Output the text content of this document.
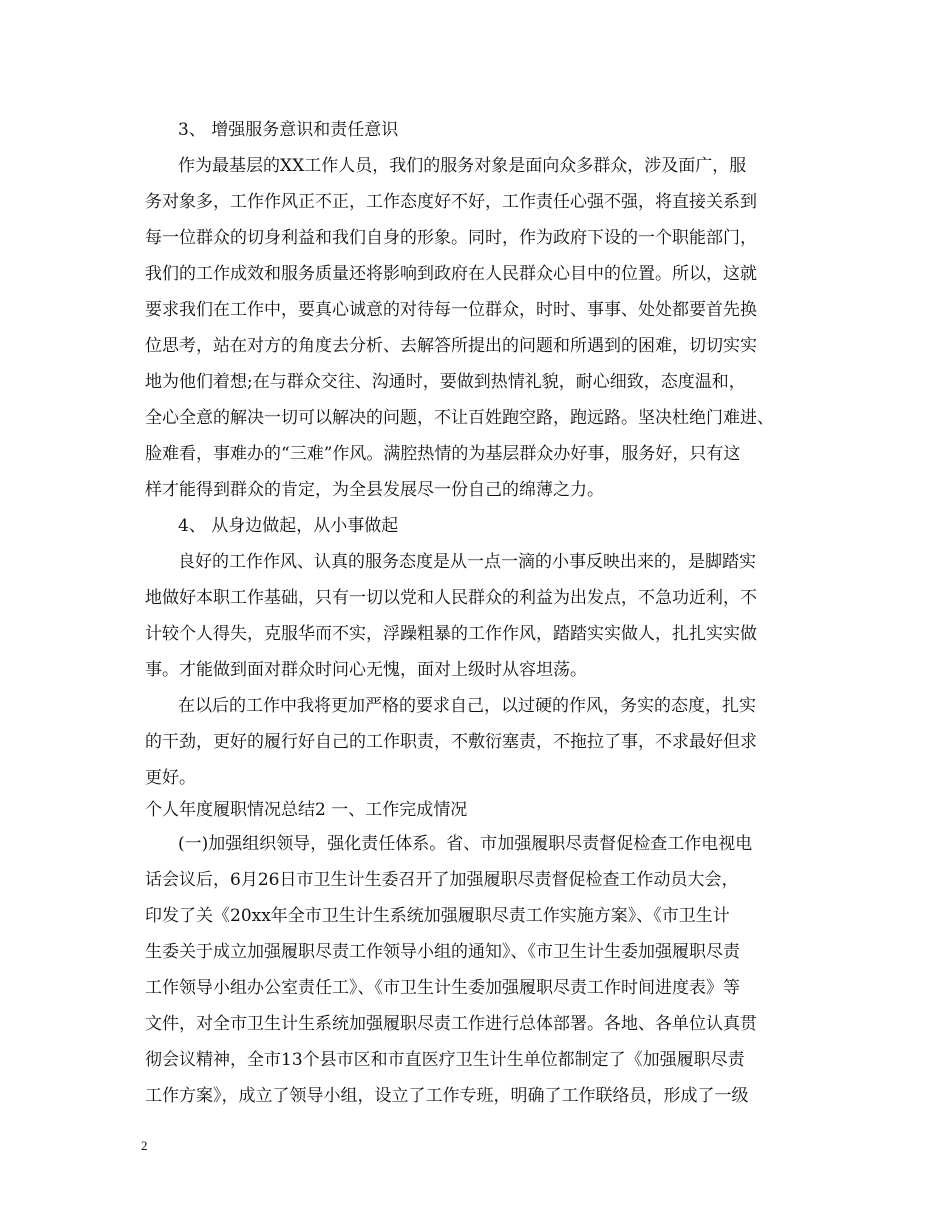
3、 增强服务意识和责任意识
作为最基层的XX工作人员，我们的服务对象是面向众多群众，涉及面广，服
务对象多，工作作风正不正，工作态度好不好，工作责任心强不强，将直接关系到
每一位群众的切身利益和我们自身的形象。同时，作为政府下设的一个职能部门，
我们的工作成效和服务质量还将影响到政府在人民群众心目中的位置。所以，这就
要求我们在工作中，要真心诚意的对待每一位群众，时时、事事、处处都要首先换
位思考，站在对方的角度去分析、去解答所提出的问题和所遇到的困难，切切实实
地为他们着想;在与群众交往、沟通时，要做到热情礼貌，耐心细致，态度温和，
全心全意的解决一切可以解决的问题，不让百姓跑空路，跑远路。坚决杜绝门难进、
脸难看，事难办的“三难”作风。满腔热情的为基层群众办好事，服务好，只有这
样才能得到群众的肯定，为全县发展尽一份自己的绵薄之力。
4、 从身边做起，从小事做起
良好的工作作风、认真的服务态度是从一点一滴的小事反映出来的，是脚踏实
地做好本职工作基础，只有一切以党和人民群众的利益为出发点，不急功近利，不
计较个人得失，克服华而不实，浮躁粗暴的工作作风，踏踏实实做人，扎扎实实做
事。才能做到面对群众时问心无愧，面对上级时从容坦荡。
在以后的工作中我将更加严格的要求自己，以过硬的作风，务实的态度，扎实
的干劲，更好的履行好自己的工作职责，不敷衍塞责，不拖拉了事，不求最好但求
更好。
个人年度履职情况总结2 一、工作完成情况
(一)加强组织领导，强化责任体系。省、市加强履职尽责督促检查工作电视电
话会议后，6月26日市卫生计生委召开了加强履职尽责督促检查工作动员大会，
印发了关《20xx年全市卫生计生系统加强履职尽责工作实施方案》、《市卫生计
生委关于成立加强履职尽责工作领导小组的通知》、《市卫生计生委加强履职尽责
工作领导小组办公室责任工》、《市卫生计生委加强履职尽责工作时间进度表》等
文件，对全市卫生计生系统加强履职尽责工作进行总体部署。各地、各单位认真贯
彻会议精神，全市13个县市区和市直医疗卫生计生单位都制定了《加强履职尽责
工作方案》，成立了领导小组，设立了工作专班，明确了工作联络员，形成了一级
2
